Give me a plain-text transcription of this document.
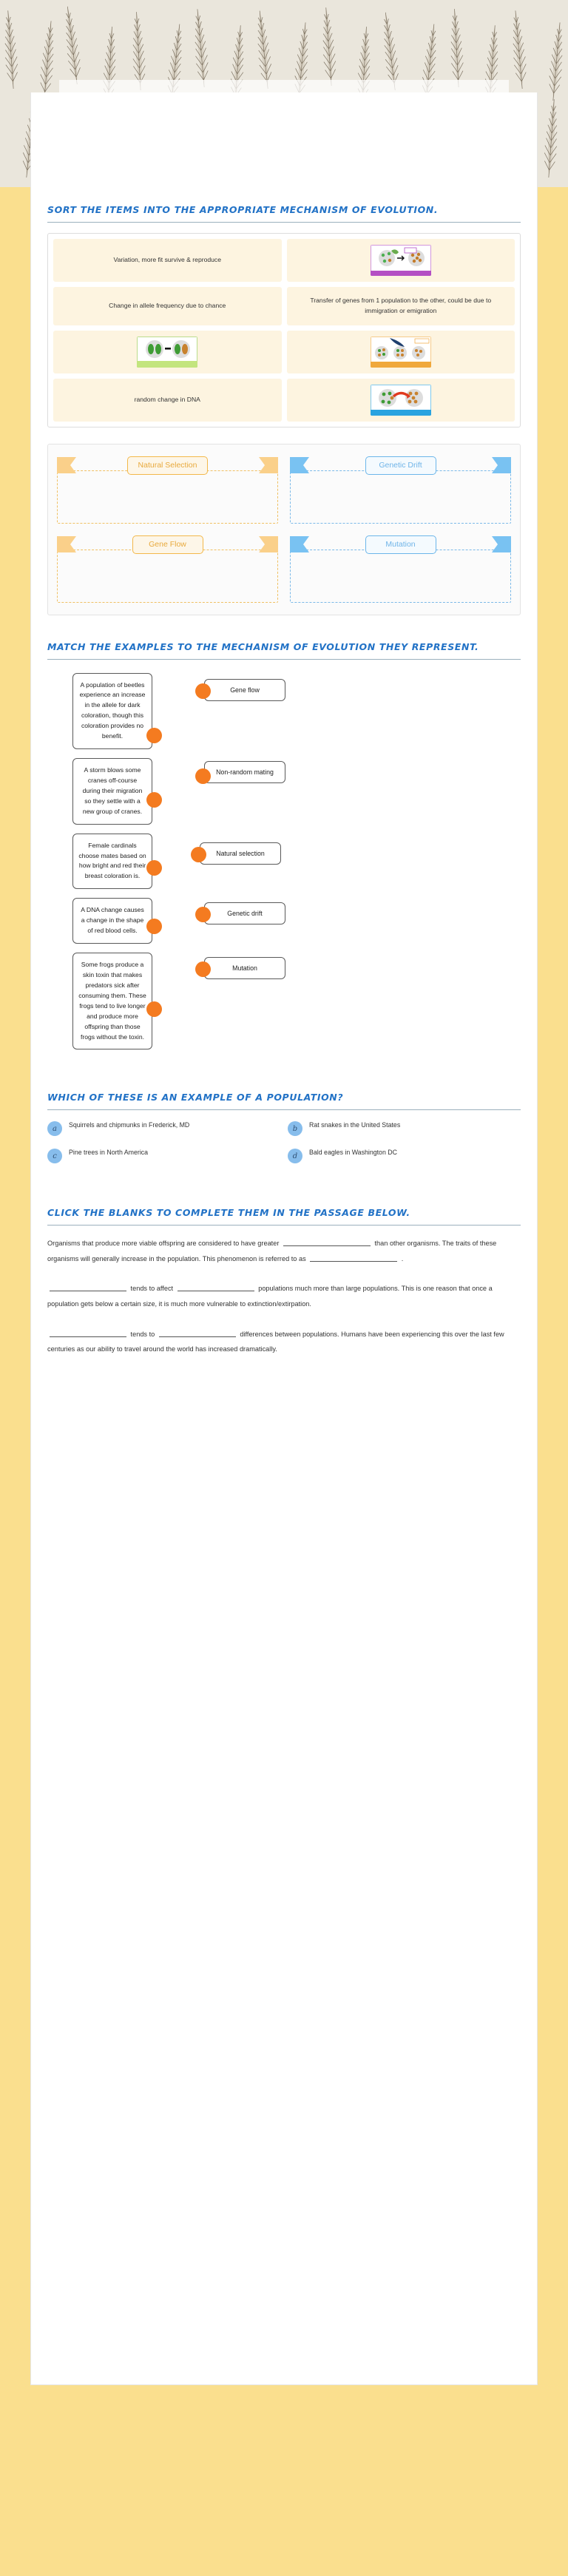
SORT THE ITEMS INTO THE APPROPRIATE MECHANISM OF EVOLUTION.
Variation, more fit survive & reproduce
Change in allele frequency due to chance
Transfer of genes from 1 population to the other, could be due to immigration or emigration
random change in DNA
Natural Selection	Genetic Drift
Gene Flow	Mutation
MATCH THE EXAMPLES TO THE MECHANISM OF EVOLUTION THEY REPRESENT.
A population of beetles experience an increase in the allele for dark coloration, though this coloration provides no benefit.
Gene flow
A storm blows some cranes off-course during their migration so they settle with a new group of cranes.
Non-random mating
Female cardinals choose mates based on how bright and red their breast coloration is.
Natural selection
A DNA change causes a change in the shape of red blood cells.
Genetic drift
Some frogs produce a skin toxin that makes predators sick after consuming them. These frogs tend to live longer and produce more offspring than those frogs without the toxin.
Mutation
WHICH OF THESE IS AN EXAMPLE OF A POPULATION?
a	Squirrels and chipmunks in Frederick, MD	b	Rat snakes in the United States
c	Pine trees in North America	d	Bald eagles in Washington DC
CLICK THE BLANKS TO COMPLETE THEM IN THE PASSAGE BELOW.

Organisms that produce more viable offspring are considered to have greater	than other organisms. The traits of these organisms will generally increase in the population. This phenomenon is referred to as	.

tends to affect	populations much more than large populations. This is one reason that once a population gets below a certain size, it is much more vulnerable to extinction/extirpation.

tends to	differences between populations. Humans have been experiencing this over the last few centuries as our ability to travel around the world has increased dramatically.
